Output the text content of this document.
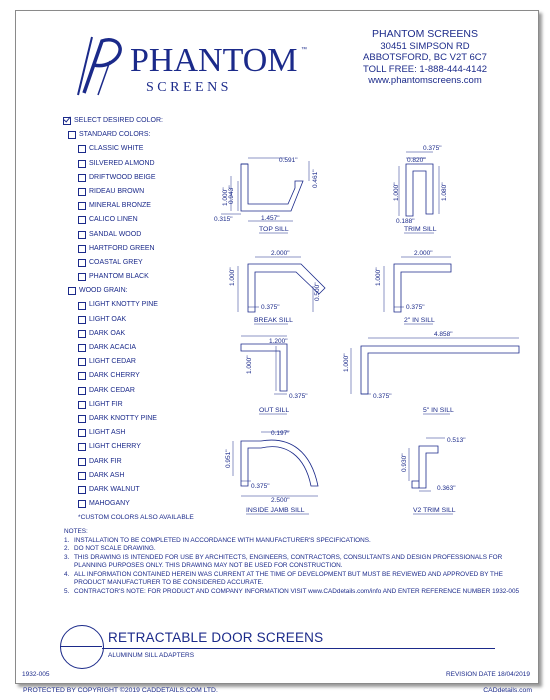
PHANTOM ™
S C R E E N S
PHANTOM SCREENS
30451 SIMPSON RD
ABBOTSFORD, BC V2T 6C7
TOLL FREE: 1-888-444-4142
www.phantomscreens.com
SELECT DESIRED COLOR:
STANDARD COLORS:
CLASSIC WHITE
SILVERED ALMOND
DRIFTWOOD BEIGE
RIDEAU BROWN
MINERAL BRONZE
CALICO LINEN
SANDAL WOOD
HARTFORD GREEN
COASTAL GREY
PHANTOM BLACK
WOOD GRAIN:
LIGHT KNOTTY PINE
LIGHT OAK
DARK OAK
DARK ACACIA
LIGHT CEDAR
DARK CHERRY
DARK CEDAR
LIGHT FIR
DARK KNOTTY PINE
LIGHT ASH
LIGHT CHERRY
DARK FIR
DARK ASH
DARK WALNUT
MAHOGANY
*CUSTOM COLORS ALSO AVAILABLE
0.591"
0.461"
1.000" 0.943"
1.457"
0.315"
TOP SILL
0.375"
0.820"
1.000"	1.080"
0.188"
TRIM SILL
2.000"
1.000"
0.500"
0.375"
BREAK SILL
2.000"
1.000"
0.375"
2" IN SILL
1.200"
1.000"
0.375"
OUT SILL
4.858"
1.000"
0.375"
5" IN SILL
0.197"
0.951"
0.375"
2.500"
INSIDE JAMB SILL
0.513"
0.930"
0.363"
V2 TRIM SILL
NOTES:
1. INSTALLATION TO BE COMPLETED IN ACCORDANCE WITH MANUFACTURER'S SPECIFICATIONS.
2. DO NOT SCALE DRAWING.
3. THIS DRAWING IS INTENDED FOR USE BY ARCHITECTS, ENGINEERS, CONTRACTORS, CONSULTANTS AND DESIGN PROFESSIONALS FOR PLANNING PURPOSES ONLY. THIS DRAWING MAY NOT BE USED FOR CONSTRUCTION.
4. ALL INFORMATION CONTAINED HEREIN WAS CURRENT AT THE TIME OF DEVELOPMENT BUT MUST BE REVIEWED AND APPROVED BY THE PRODUCT MANUFACTURER TO BE CONSIDERED ACCURATE.
5. CONTRACTOR'S NOTE: FOR PRODUCT AND COMPANY INFORMATION VISIT www.CADdetails.com/info AND ENTER REFERENCE NUMBER 1932-005
RETRACTABLE DOOR SCREENS
ALUMINUM SILL ADAPTERS
1932-005	REVISION DATE 18/04/2019
PROTECTED BY COPYRIGHT ©2019 CADDETAILS.COM LTD.	CADdetails.com
